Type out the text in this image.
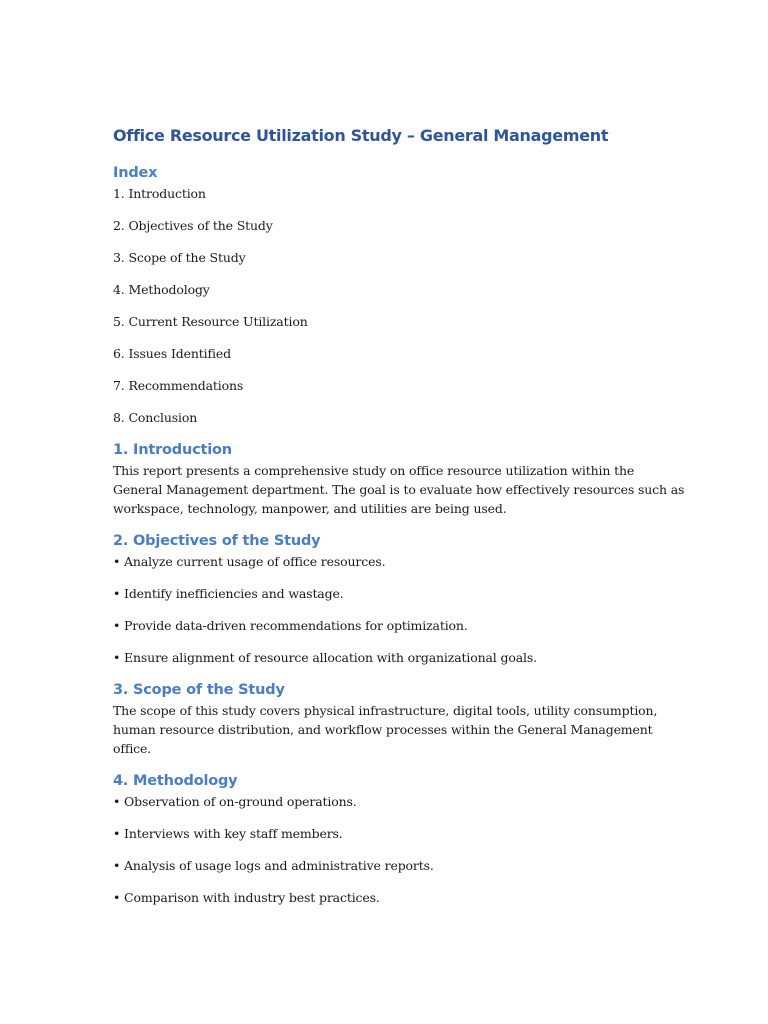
Office Resource Utilization Study – General Management
Index

1. Introduction

2. Objectives of the Study

3. Scope of the Study

4. Methodology

5. Current Resource Utilization

6. Issues Identified

7. Recommendations

8. Conclusion

1. Introduction

This report presents a comprehensive study on office resource utilization within the

General Management department. The goal is to evaluate how effectively resources such as

workspace, technology, manpower, and utilities are being used.

2. Objectives of the Study

• Analyze current usage of office resources.

• Identify inefficiencies and wastage.

• Provide data-driven recommendations for optimization.

• Ensure alignment of resource allocation with organizational goals.

3. Scope of the Study

The scope of this study covers physical infrastructure, digital tools, utility consumption,

human resource distribution, and workflow processes within the General Management

office.

4. Methodology

• Observation of on-ground operations.

• Interviews with key staff members.

• Analysis of usage logs and administrative reports.

• Comparison with industry best practices.
